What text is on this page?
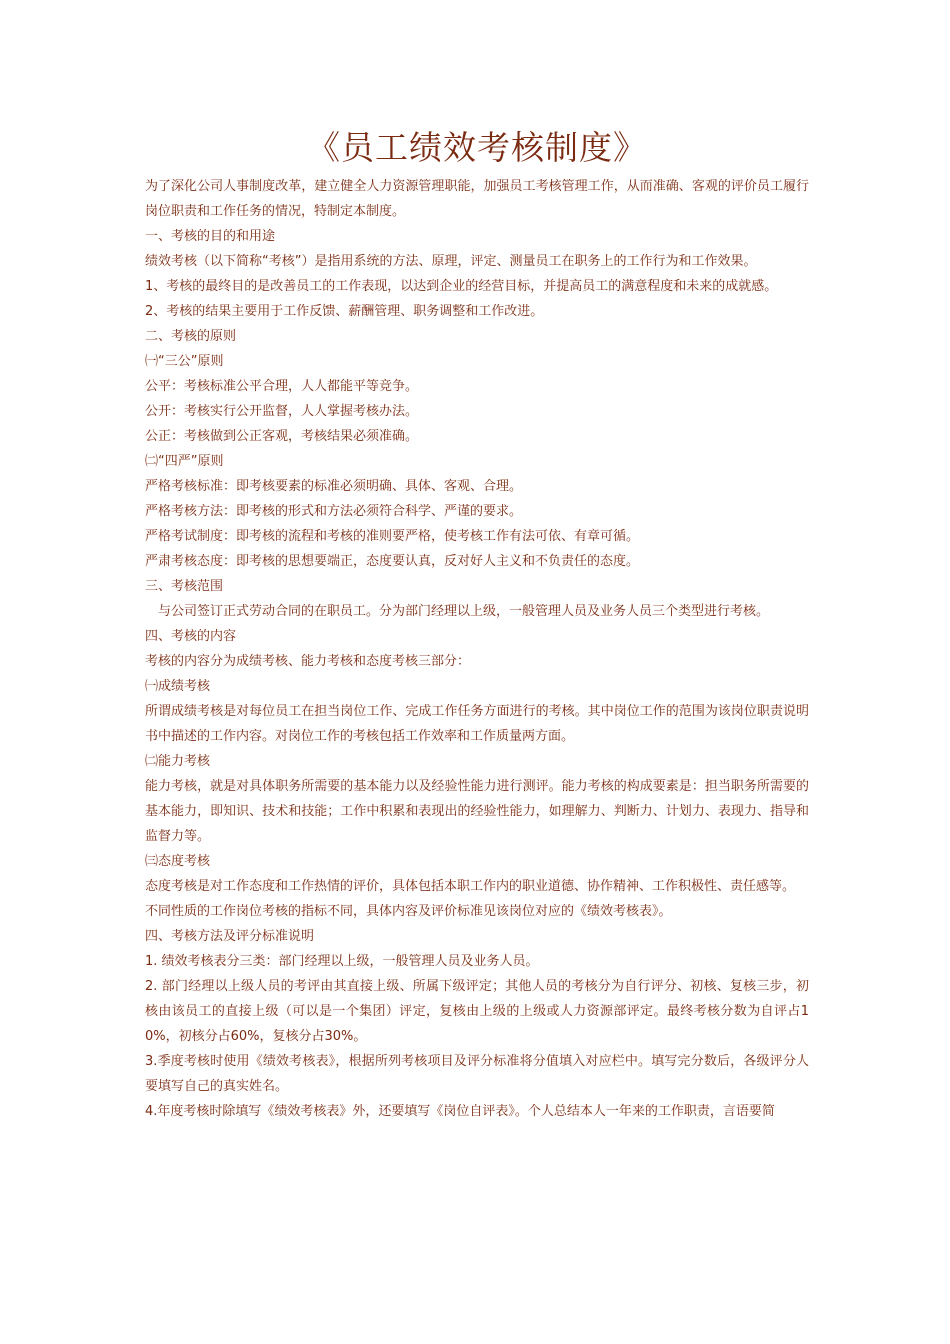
《员工绩效考核制度》

为了深化公司人事制度改革，建立健全人力资源管理职能，加强员工考核管理工作，从而准确、客观的评价员工履行岗位职责和工作任务的情况，特制定本制度。

一、考核的目的和用途

绩效考核（以下简称“考核”）是指用系统的方法、原理，评定、测量员工在职务上的工作行为和工作效果。

1、考核的最终目的是改善员工的工作表现，以达到企业的经营目标，并提高员工的满意程度和未来的成就感。

2、考核的结果主要用于工作反馈、薪酬管理、职务调整和工作改进。

二、考核的原则

㈠“三公”原则

公平：考核标准公平合理，人人都能平等竞争。

公开：考核实行公开监督，人人掌握考核办法。

公正：考核做到公正客观，考核结果必须准确。

㈡“四严”原则

严格考核标准：即考核要素的标准必须明确、具体、客观、合理。

严格考核方法：即考核的形式和方法必须符合科学、严谨的要求。

严格考试制度：即考核的流程和考核的准则要严格，使考核工作有法可依、有章可循。

严肃考核态度：即考核的思想要端正，态度要认真，反对好人主义和不负责任的态度。

三、考核范围

与公司签订正式劳动合同的在职员工。分为部门经理以上级，一般管理人员及业务人员三个类型进行考核。

四、考核的内容

考核的内容分为成绩考核、能力考核和态度考核三部分：

㈠成绩考核

所谓成绩考核是对每位员工在担当岗位工作、完成工作任务方面进行的考核。其中岗位工作的范围为该岗位职责说明书中描述的工作内容。对岗位工作的考核包括工作效率和工作质量两方面。

㈡能力考核

能力考核，就是对具体职务所需要的基本能力以及经验性能力进行测评。能力考核的构成要素是：担当职务所需要的基本能力，即知识、技术和技能；工作中积累和表现出的经验性能力，如理解力、判断力、计划力、表现力、指导和监督力等。

㈢态度考核

态度考核是对工作态度和工作热情的评价，具体包括本职工作内的职业道德、协作精神、工作积极性、责任感等。

不同性质的工作岗位考核的指标不同，具体内容及评价标准见该岗位对应的《绩效考核表》。

四、考核方法及评分标准说明

1. 绩效考核表分三类：部门经理以上级，一般管理人员及业务人员。

2. 部门经理以上级人员的考评由其直接上级、所属下级评定；其他人员的考核分为自行评分、初核、复核三步，初核由该员工的直接上级（可以是一个集团）评定，复核由上级的上级或人力资源部评定。最终考核分数为自评占10%，初核分占60%，复核分占30%。

3.季度考核时使用《绩效考核表》，根据所列考核项目及评分标准将分值填入对应栏中。填写完分数后，各级评分人要填写自己的真实姓名。

4.年度考核时除填写《绩效考核表》外，还要填写《岗位自评表》。个人总结本人一年来的工作职责，言语要简
